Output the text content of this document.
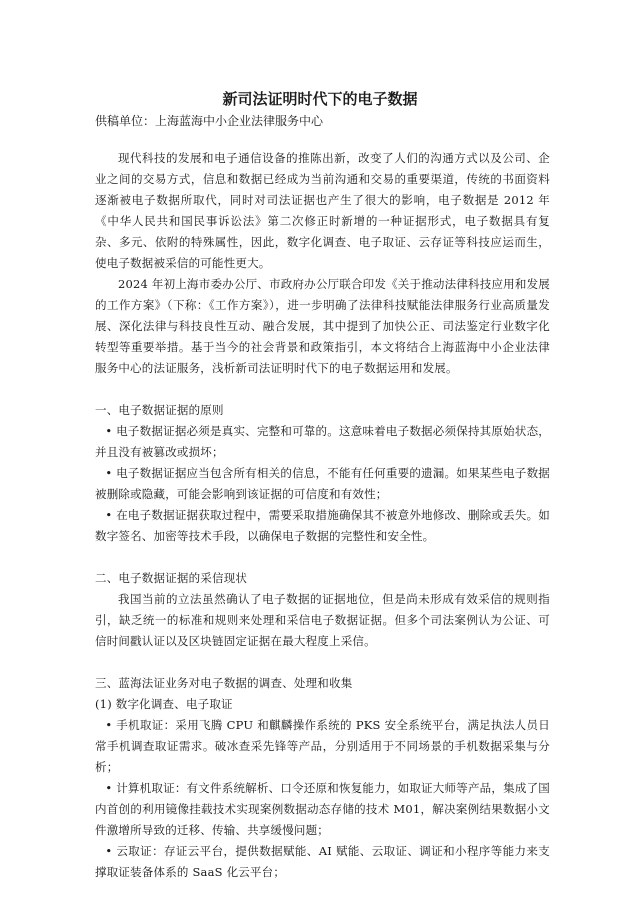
新司法证明时代下的电子数据
供稿单位：上海蓝海中小企业法律服务中心

现代科技的发展和电子通信设备的推陈出新，改变了人们的沟通方式以及公司、企业之间的交易方式，信息和数据已经成为当前沟通和交易的重要渠道，传统的书面资料逐渐被电子数据所取代，同时对司法证据也产生了很大的影响，电子数据是 2012 年《中华人民共和国民事诉讼法》第二次修正时新增的一种证据形式，电子数据具有复杂、多元、依附的特殊属性，因此，数字化调查、电子取证、云存证等科技应运而生，使电子数据被采信的可能性更大。

2024 年初上海市委办公厅、市政府办公厅联合印发《关于推动法律科技应用和发展的工作方案》（下称：《工作方案》），进一步明确了法律科技赋能法律服务行业高质量发展、深化法律与科技良性互动、融合发展，其中提到了加快公正、司法鉴定行业数字化转型等重要举措。基于当今的社会背景和政策指引，本文将结合上海蓝海中小企业法律服务中心的法证服务，浅析新司法证明时代下的电子数据运用和发展。

一、电子数据证据的原则

• 电子数据证据必须是真实、完整和可靠的。这意味着电子数据必须保持其原始状态，并且没有被篡改或损坏；

• 电子数据证据应当包含所有相关的信息，不能有任何重要的遗漏。如果某些电子数据被删除或隐藏，可能会影响到该证据的可信度和有效性；

• 在电子数据证据获取过程中，需要采取措施确保其不被意外地修改、删除或丢失。如数字签名、加密等技术手段，以确保电子数据的完整性和安全性。

二、电子数据证据的采信现状

我国当前的立法虽然确认了电子数据的证据地位，但是尚未形成有效采信的规则指引，缺乏统一的标准和规则来处理和采信电子数据证据。但多个司法案例认为公证、可信时间戳认证以及区块链固定证据在最大程度上采信。

三、蓝海法证业务对电子数据的调查、处理和收集

(1) 数字化调查、电子取证

• 手机取证：采用飞腾 CPU 和麒麟操作系统的 PKS 安全系统平台，满足执法人员日常手机调查取证需求。破冰查采先锋等产品，分别适用于不同场景的手机数据采集与分析；

• 计算机取证：有文件系统解析、口令还原和恢复能力，如取证大师等产品，集成了国内首创的利用镜像挂载技术实现案例数据动态存储的技术 M01，解决案例结果数据小文件激增所导致的迁移、传输、共享缓慢问题；

• 云取证：存证云平台，提供数据赋能、AI 赋能、云取证、调证和小程序等能力来支撑取证装备体系的 SaaS 化云平台；
